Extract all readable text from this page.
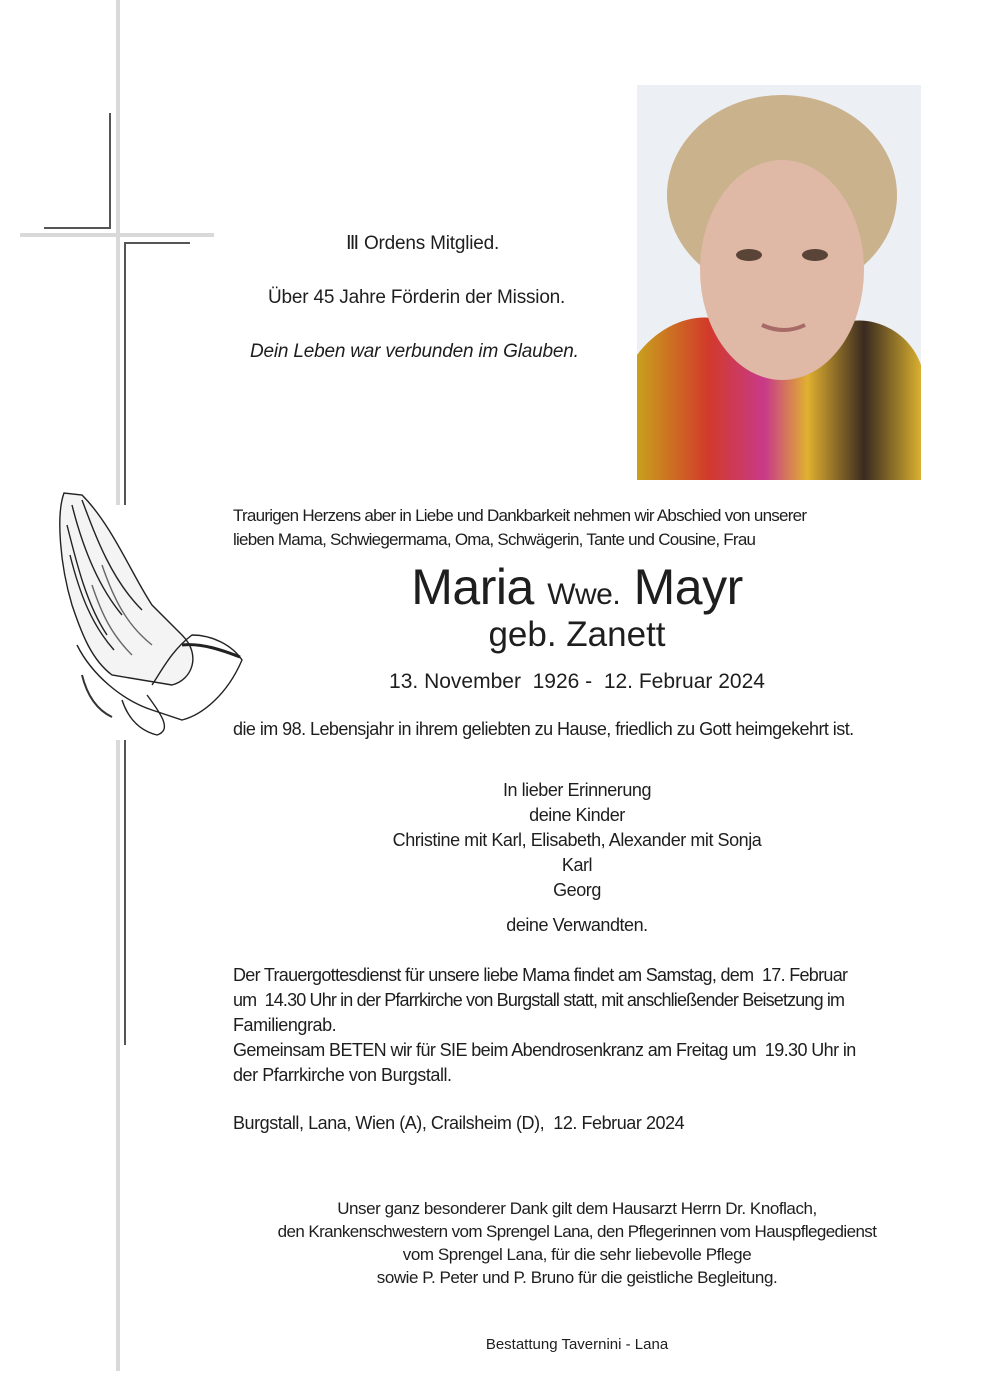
Ⅲ Ordens Mitglied.
Über 45 Jahre Förderin der Mission.
Dein Leben war verbunden im Glauben.
Traurigen Herzens aber in Liebe und Dankbarkeit nehmen wir Abschied von unserer
lieben Mama, Schwiegermama, Oma, Schwägerin, Tante und Cousine, Frau
Maria Wwe. Mayr
geb. Zanett
13. November  1926 -  12. Februar 2024
die im 98. Lebensjahr in ihrem geliebten zu Hause, friedlich zu Gott heimgekehrt ist.
In lieber Erinnerung
deine Kinder
Christine mit Karl, Elisabeth, Alexander mit Sonja
Karl
Georg
deine Verwandten.
Der Trauergottesdienst für unsere liebe Mama findet am Samstag, dem  17. Februar
um  14.30 Uhr in der Pfarrkirche von Burgstall statt, mit anschließender Beisetzung im
Familiengrab.
Gemeinsam BETEN wir für SIE beim Abendrosenkranz am Freitag um  19.30 Uhr in
der Pfarrkirche von Burgstall.
Burgstall, Lana, Wien (A), Crailsheim (D),  12. Februar 2024
Unser ganz besonderer Dank gilt dem Hausarzt Herrn Dr. Knoflach,
den Krankenschwestern vom Sprengel Lana, den Pflegerinnen vom Hauspflegedienst
vom Sprengel Lana, für die sehr liebevolle Pflege
sowie P. Peter und P. Bruno für die geistliche Begleitung.
Bestattung Tavernini - Lana
